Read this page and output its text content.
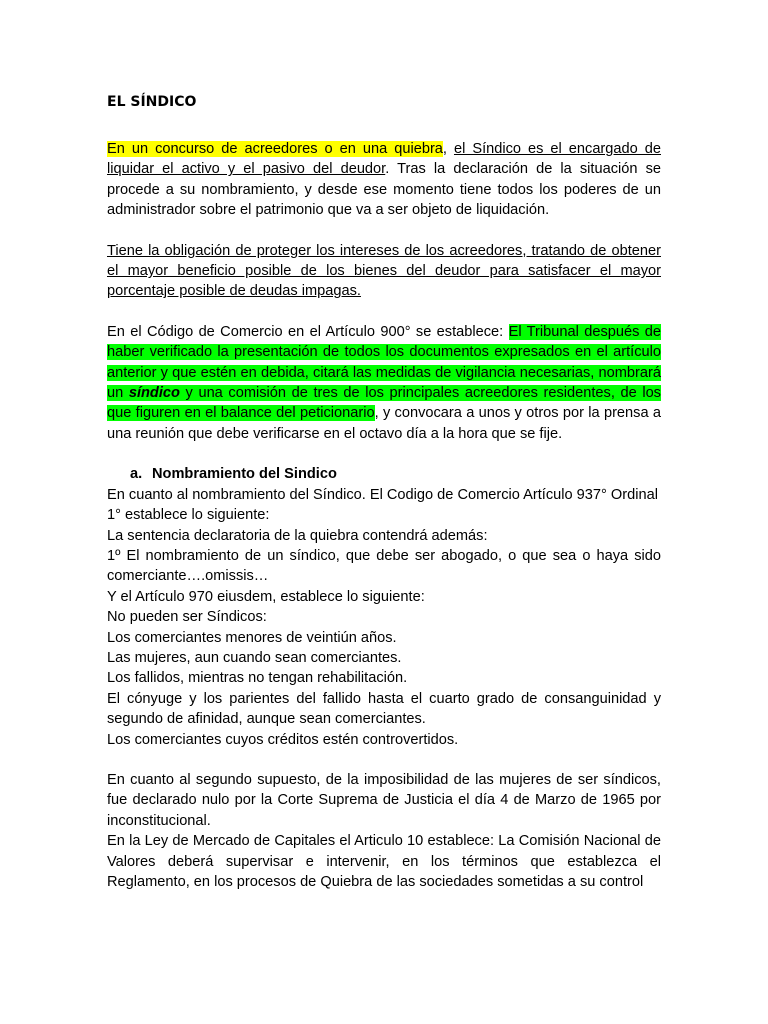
EL SÍNDICO

En un concurso de acreedores o en una quiebra, el Síndico es el encargado de liquidar el activo y el pasivo del deudor. Tras la declaración de la situación se procede a su nombramiento, y desde ese momento tiene todos los poderes de un administrador sobre el patrimonio que va a ser objeto de liquidación.

Tiene la obligación de proteger los intereses de los acreedores, tratando de obtener el mayor beneficio posible de los bienes del deudor para satisfacer el mayor porcentaje posible de deudas impagas.

En el Código de Comercio en el Artículo 900° se establece: El Tribunal después de haber verificado la presentación de todos los documentos expresados en el artículo anterior y que estén en debida, citará las medidas de vigilancia necesarias, nombrará un síndico y una comisión de tres de los principales acreedores residentes, de los que figuren en el balance del peticionario, y convocara a unos y otros por la prensa a una reunión que debe verificarse en el octavo día a la hora que se fije.

a. Nombramiento del Sindico
En cuanto al nombramiento del Síndico. El Codigo de Comercio Artículo 937° Ordinal 1° establece lo siguiente:
La sentencia declaratoria de la quiebra contendrá además:
1º El nombramiento de un síndico, que debe ser abogado, o que sea o haya sido comerciante….omissis…
Y el Artículo 970 eiusdem, establece lo siguiente:
No pueden ser Síndicos:
Los comerciantes menores de veintiún años.
Las mujeres, aun cuando sean comerciantes.
Los fallidos, mientras no tengan rehabilitación.
El cónyuge y los parientes del fallido hasta el cuarto grado de consanguinidad y segundo de afinidad, aunque sean comerciantes.
Los comerciantes cuyos créditos estén controvertidos.

En cuanto al segundo supuesto, de la imposibilidad de las mujeres de ser síndicos, fue declarado nulo por la Corte Suprema de Justicia el día 4 de Marzo de 1965 por inconstitucional.

En la Ley de Mercado de Capitales el Articulo 10 establece: La Comisión Nacional de Valores deberá supervisar e intervenir, en los términos que establezca el Reglamento, en los procesos de Quiebra de las sociedades sometidas a su control
